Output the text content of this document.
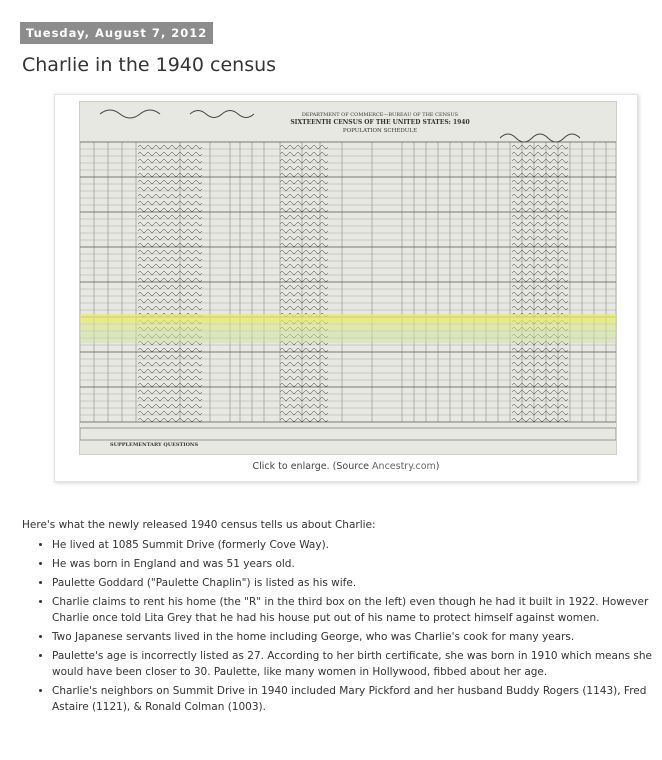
Tuesday, August 7, 2012
Charlie in the 1940 census
DEPARTMENT OF COMMERCE—BUREAU OF THE CENSUS
SIXTEENTH CENSUS OF THE UNITED STATES: 1940
POPULATION SCHEDULE
SUPPLEMENTARY QUESTIONS
Click to enlarge. (Source Ancestry.com)

Here's what the newly released 1940 census tells us about Charlie:

• He lived at 1085 Summit Drive (formerly Cove Way).
• He was born in England and was 51 years old.
• Paulette Goddard ("Paulette Chaplin") is listed as his wife.
• Charlie claims to rent his home (the "R" in the third box on the left) even though he had it built in 1922. However Charlie once told Lita Grey that he had his house put out of his name to protect himself against women.
• Two Japanese servants lived in the home including George, who was Charlie's cook for many years.
• Paulette's age is incorrectly listed as 27. According to her birth certificate, she was born in 1910 which means she would have been closer to 30. Paulette, like many women in Hollywood, fibbed about her age.
• Charlie's neighbors on Summit Drive in 1940 included Mary Pickford and her husband Buddy Rogers (1143), Fred Astaire (1121), & Ronald Colman (1003).
